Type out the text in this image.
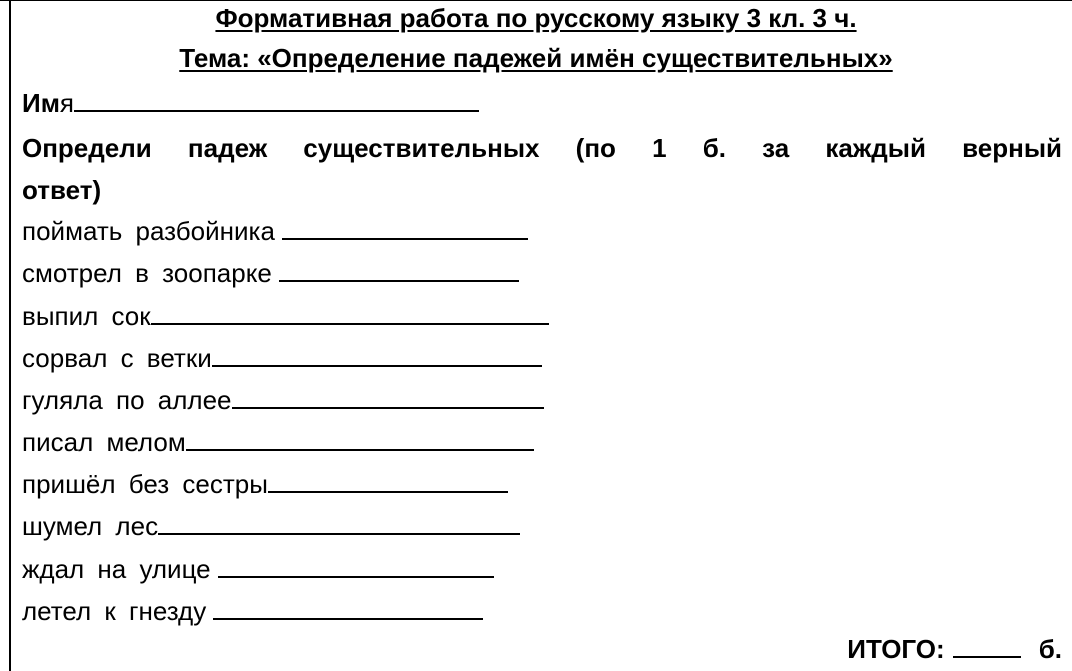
Формативная работа по русскому языку 3 кл. 3 ч.
Тема: «Определение падежей имён существительных»
Имя
Определи падеж существительных (по 1 б. за каждый верный
ответ)
поймать разбойника
смотрел в зоопарке
выпил сок
сорвал с ветки
гуляла по аллее
писал мелом
пришёл без сестры
шумел лес
ждал на улице
летел к гнезду
ИТОГО:	б.
